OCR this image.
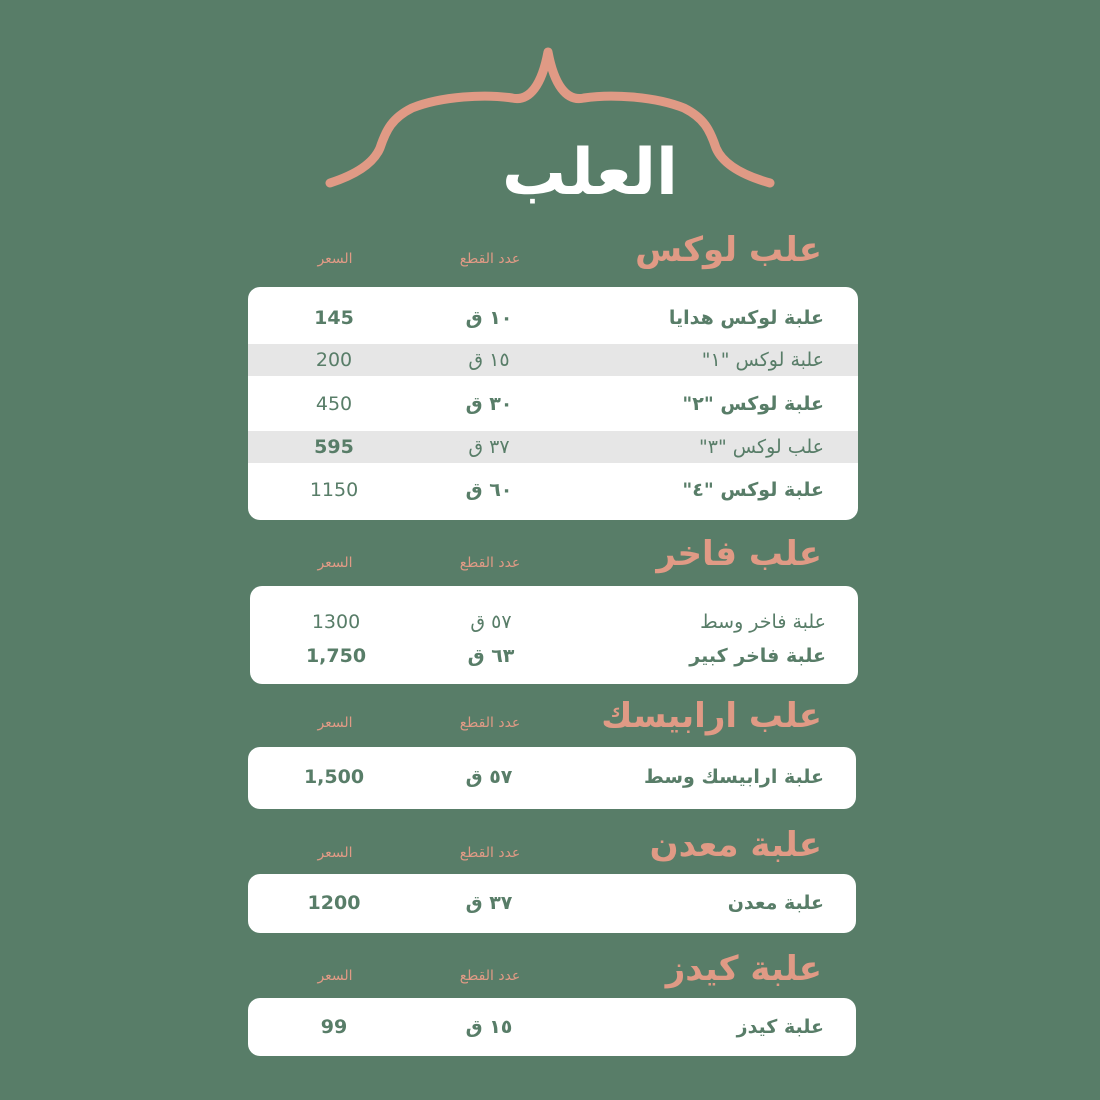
العلب
علب لوكس
عدد القطع
السعر
علبة لوكس هدايا
١٠ ق
145
علبة لوكس "١"
١٥ ق
200
علبة لوكس "٢"
٣٠ ق
450
علب لوكس "٣"
٣٧ ق
595
علبة لوكس "٤"
٦٠ ق
1150
علب فاخر
عدد القطع
السعر
علبة فاخر وسط
٥٧ ق
1300
علبة فاخر كبير
٦٣ ق
1,750
علب ارابيسك
عدد القطع
السعر
علبة ارابيسك وسط
٥٧ ق
1,500
علبة معدن
عدد القطع
السعر
علبة معدن
٣٧ ق
1200
علبة كيدز
عدد القطع
السعر
علبة كيدز
١٥ ق
99
